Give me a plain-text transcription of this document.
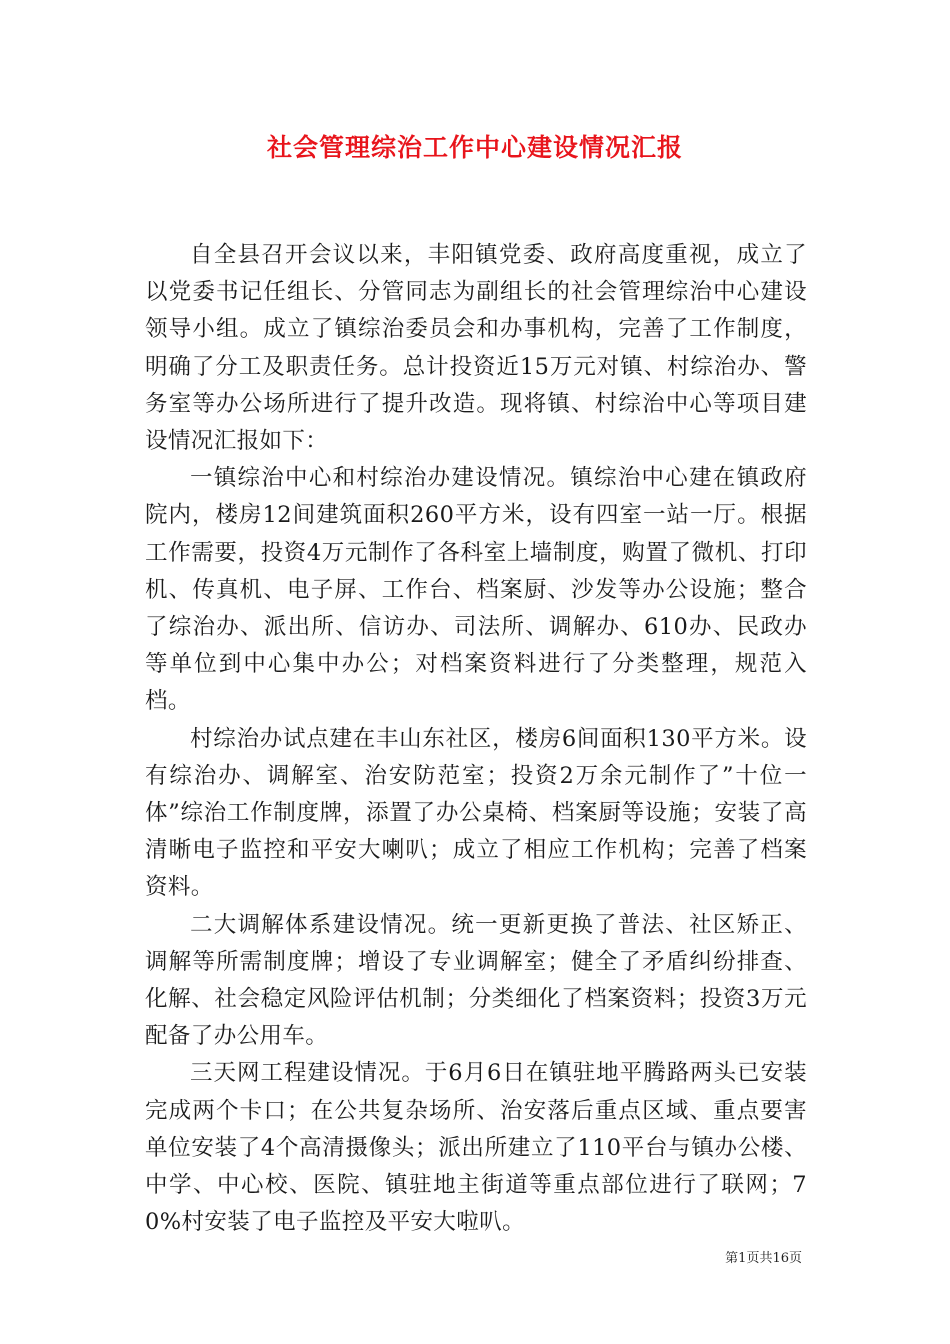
社会管理综治工作中心建设情况汇报

自全县召开会议以来，丰阳镇党委、政府高度重视，成立了以党委书记任组长、分管同志为副组长的社会管理综治中心建设领导小组。成立了镇综治委员会和办事机构，完善了工作制度，明确了分工及职责任务。总计投资近15万元对镇、村综治办、警务室等办公场所进行了提升改造。现将镇、村综治中心等项目建设情况汇报如下：

一镇综治中心和村综治办建设情况。镇综治中心建在镇政府院内，楼房12间建筑面积260平方米，设有四室一站一厅。根据工作需要，投资4万元制作了各科室上墙制度，购置了微机、打印机、传真机、电子屏、工作台、档案厨、沙发等办公设施；整合了综治办、派出所、信访办、司法所、调解办、610办、民政办等单位到中心集中办公；对档案资料进行了分类整理，规范入档。

村综治办试点建在丰山东社区，楼房6间面积130平方米。设有综治办、调解室、治安防范室；投资2万余元制作了”十位一体”综治工作制度牌，添置了办公桌椅、档案厨等设施；安装了高清晰电子监控和平安大喇叭；成立了相应工作机构；完善了档案资料。

二大调解体系建设情况。统一更新更换了普法、社区矫正、调解等所需制度牌；增设了专业调解室；健全了矛盾纠纷排查、化解、社会稳定风险评估机制；分类细化了档案资料；投资3万元配备了办公用车。

三天网工程建设情况。于6月6日在镇驻地平腾路两头已安装完成两个卡口；在公共复杂场所、治安落后重点区域、重点要害单位安装了4个高清摄像头；派出所建立了110平台与镇办公楼、中学、中心校、医院、镇驻地主街道等重点部位进行了联网；70%村安装了电子监控及平安大啦叭。

第1页共16页
